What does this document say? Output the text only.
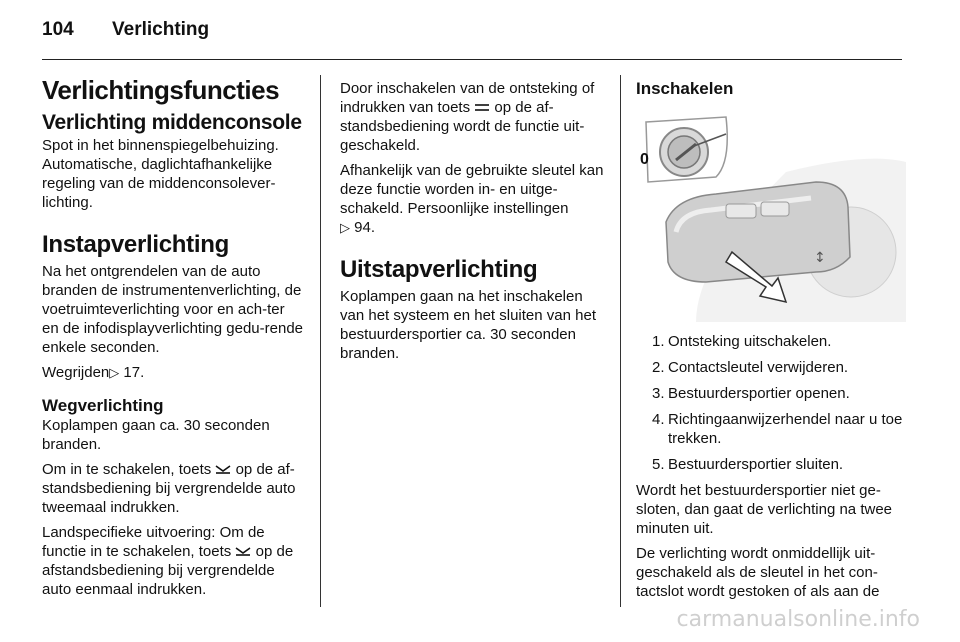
104 Verlichting
Verlichtingsfuncties
Verlichting middenconsole

Spot in het binnenspiegelbehuizing. Automatische, daglichtafhankelijke regeling van de middenconsolever-lichting.

Instapverlichting

Na het ontgrendelen van de auto branden de instrumentenverlichting, de voetruimteverlichting voor en ach-ter en de infodisplayverlichting gedu-rende enkele seconden.

Wegrijden▷ 17.

Wegverlichting

Koplampen gaan ca. 30 seconden branden.

Om in te schakelen, toets  op de af-standsbediening bij vergrendelde auto tweemaal indrukken.

Landspecifieke uitvoering: Om de functie in te schakelen, toets  op de afstandsbediening bij vergrendelde auto eenmaal indrukken.

Door inschakelen van de ontsteking of indrukken van toets  op de af-standsbediening wordt de functie uit-geschakeld.

Afhankelijk van de gebruikte sleutel kan deze functie worden in- en uitge-schakeld. Persoonlijke instellingen
▷ 94.

Uitstapverlichting

Koplampen gaan na het inschakelen van het systeem en het sluiten van het bestuurdersportier ca. 30 seconden branden.

Inschakelen
0
↕
1. Ontsteking uitschakelen.
2. Contactsleutel verwijderen.
3. Bestuurdersportier openen.
4. Richtingaanwijzerhendel naar u toe trekken.
5. Bestuurdersportier sluiten.

Wordt het bestuurdersportier niet ge-sloten, dan gaat de verlichting na twee minuten uit.

De verlichting wordt onmiddellijk uit-geschakeld als de sleutel in het con-tactslot wordt gestoken of als aan de

carmanualsonline.info
